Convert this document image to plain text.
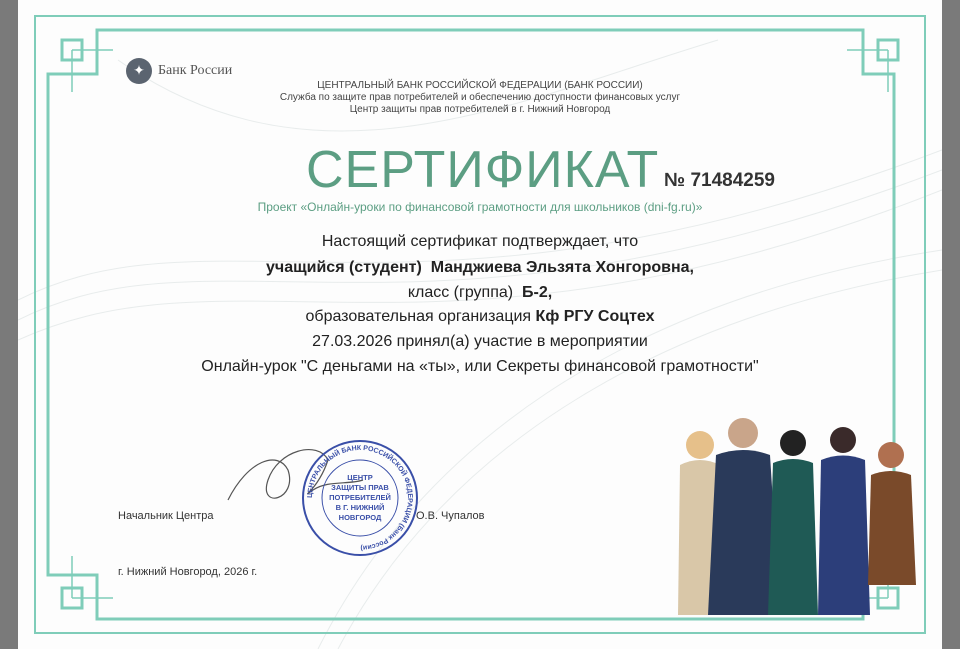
✦ Банк России
ЦЕНТРАЛЬНЫЙ БАНК РОССИЙСКОЙ ФЕДЕРАЦИИ (БАНК РОССИИ)
Служба по защите прав потребителей и обеспечению доступности финансовых услуг
Центр защиты прав потребителей в г. Нижний Новгород
СЕРТИФИКАТ № 71484259
Проект «Онлайн-уроки по финансовой грамотности для школьников (dni-fg.ru)»
Настоящий сертификат подтверждает, что
учащийся (студент) Манджиева Эльзята Хонгоровна,
класс (группа) Б-2,
образовательная организация Кф РГУ Соцтех
27.03.2026 принял(а) участие в мероприятии
Онлайн-урок "С деньгами на «ты», или Секреты финансовой грамотности"
ЦЕНТР
ЗАЩИТЫ ПРАВ
ПОТРЕБИТЕЛЕЙ
В Г. НИЖНИЙ
НОВГОРОД
ЦЕНТРАЛЬНЫЙ БАНК РОССИЙСКОЙ ФЕДЕРАЦИИ (Банк России)
Начальник Центра	О.В. Чупалов
г. Нижний Новгород, 2026 г.
